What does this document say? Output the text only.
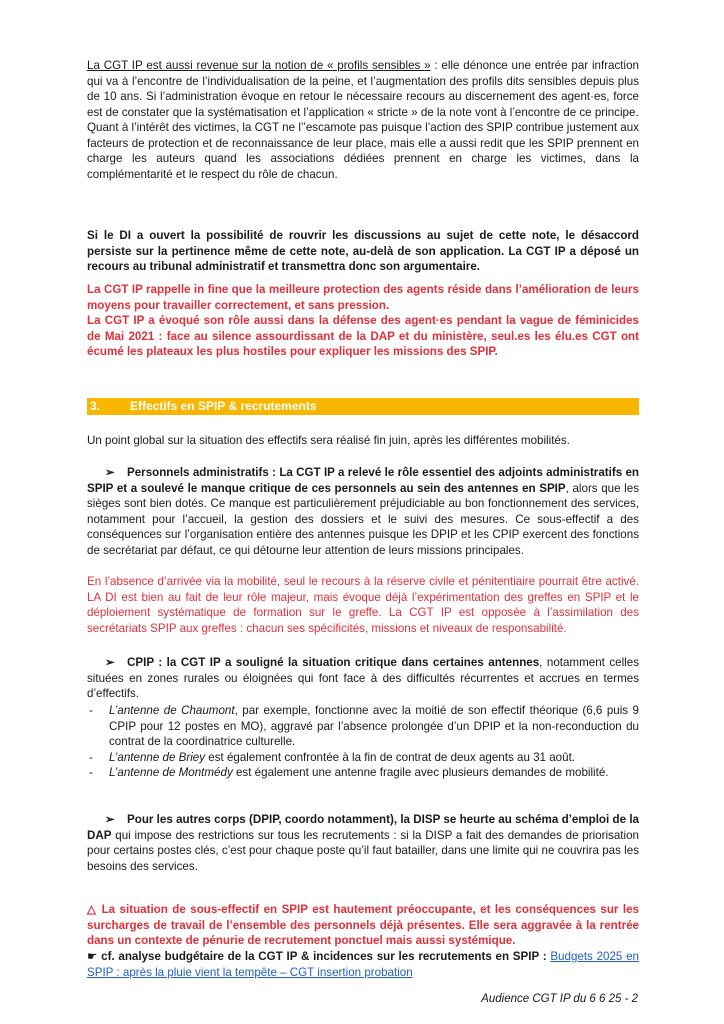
La CGT IP est aussi revenue sur la notion de « profils sensibles » : elle dénonce une entrée par infraction qui va à l’encontre de l’individualisation de la peine, et l’augmentation des profils dits sensibles depuis plus de 10 ans. Si l’administration évoque en retour le nécessaire recours au discernement des agent·es, force est de constater que la systématisation et l’application « stricte » de la note vont à l’encontre de ce principe.

Quant à l’intérêt des victimes, la CGT ne l’’escamote pas puisque l’action des SPIP contribue justement aux facteurs de protection et de reconnaissance de leur place, mais elle a aussi redit que les SPIP prennent en charge les auteurs quand les associations dédiées prennent en charge les victimes, dans la complémentarité et le respect du rôle de chacun.

Si le DI a ouvert la possibilité de rouvrir les discussions au sujet de cette note, le désaccord persiste sur la pertinence même de cette note, au-delà de son application. La CGT IP a déposé un recours au tribunal administratif et transmettra donc son argumentaire.
La CGT IP rappelle in fine que la meilleure protection des agents réside dans l’amélioration de leurs moyens pour travailler correctement, et sans pression.
La CGT IP a évoqué son rôle aussi dans la défense des agent·es pendant la vague de féminicides de Mai 2021 : face au silence assourdissant de la DAP et du ministère, seul.es les élu.es CGT ont écumé les plateaux les plus hostiles pour expliquer les missions des SPIP.
3. Effectifs en SPIP & recrutements
Un point global sur la situation des effectifs sera réalisé fin juin, après les différentes mobilités.
➢ Personnels administratifs : La CGT IP a relevé le rôle essentiel des adjoints administratifs en SPIP et a soulevé le manque critique de ces personnels au sein des antennes en SPIP, alors que les sièges sont bien dotés. Ce manque est particulièrement préjudiciable au bon fonctionnement des services, notamment pour l’accueil, la gestion des dossiers et le suivi des mesures. Ce sous-effectif a des conséquences sur l’organisation entière des antennes puisque les DPIP et les CPIP exercent des fonctions de secrétariat par défaut, ce qui détourne leur attention de leurs missions principales.
En l’absence d’arrivée via la mobilité, seul le recours à la réserve civile et pénitentiaire pourrait être activé. LA DI est bien au fait de leur rôle majeur, mais évoque déjà l’expérimentation des greffes en SPIP et le déploiement systématique de formation sur le greffe. La CGT IP est opposée à l’assimilation des secrétariats SPIP aux greffes : chacun ses spécificités, missions et niveaux de responsabilité.
➢ CPIP : la CGT IP a souligné la situation critique dans certaines antennes, notamment celles situées en zones rurales ou éloignées qui font face à des difficultés récurrentes et accrues en termes d’effectifs.
- L’antenne de Chaumont, par exemple, fonctionne avec la moitié de son effectif théorique (6,6 puis 9 CPIP pour 12 postes en MO), aggravé par l’absence prolongée d’un DPIP et la non-reconduction du contrat de la coordinatrice culturelle.
- L’antenne de Briey est également confrontée à la fin de contrat de deux agents au 31 août.
- L’antenne de Montmédy est également une antenne fragile avec plusieurs demandes de mobilité.
➢ Pour les autres corps (DPIP, coordo notamment), la DISP se heurte au schéma d’emploi de la DAP qui impose des restrictions sur tous les recrutements : si la DISP a fait des demandes de priorisation pour certains postes clés, c’est pour chaque poste qu’il faut batailler, dans une limite qui ne couvrira pas les besoins des services.
△ La situation de sous-effectif en SPIP est hautement préoccupante, et les conséquences sur les surcharges de travail de l’ensemble des personnels déjà présentes. Elle sera aggravée à la rentrée dans un contexte de pénurie de recrutement ponctuel mais aussi systémique.
☛ cf. analyse budgétaire de la CGT IP & incidences sur les recrutements en SPIP : Budgets 2025 en SPIP : après la pluie vient la tempête – CGT insertion probation
Audience CGT IP du 6 6 25 - 2
